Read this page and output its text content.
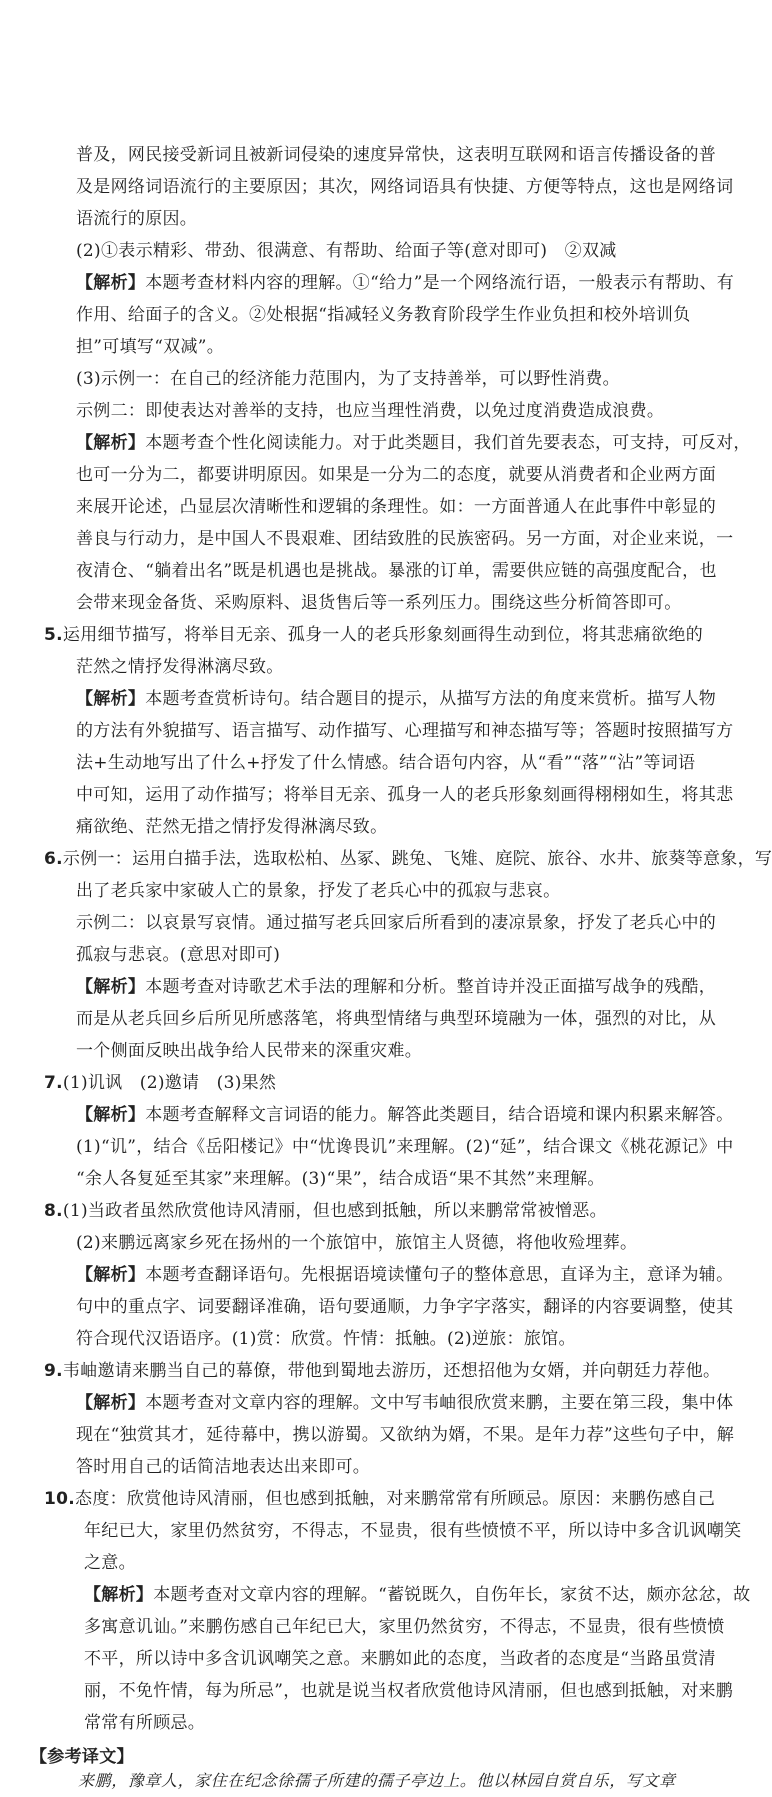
普及，网民接受新词且被新词侵染的速度异常快，这表明互联网和语言传播设备的普
及是网络词语流行的主要原因；其次，网络词语具有快捷、方便等特点，这也是网络词
语流行的原因。
(2)①表示精彩、带劲、很满意、有帮助、给面子等(意对即可)　②双减
【解析】本题考查材料内容的理解。①“给力”是一个网络流行语，一般表示有帮助、有
作用、给面子的含义。②处根据“指减轻义务教育阶段学生作业负担和校外培训负
担”可填写“双减”。
(3)示例一：在自己的经济能力范围内，为了支持善举，可以野性消费。
示例二：即使表达对善举的支持，也应当理性消费，以免过度消费造成浪费。
【解析】本题考查个性化阅读能力。对于此类题目，我们首先要表态，可支持，可反对，
也可一分为二，都要讲明原因。如果是一分为二的态度，就要从消费者和企业两方面
来展开论述，凸显层次清晰性和逻辑的条理性。如：一方面普通人在此事件中彰显的
善良与行动力，是中国人不畏艰难、团结致胜的民族密码。另一方面，对企业来说，一
夜清仓、“躺着出名”既是机遇也是挑战。暴涨的订单，需要供应链的高强度配合，也
会带来现金备货、采购原料、退货售后等一系列压力。围绕这些分析简答即可。
5.运用细节描写，将举目无亲、孤身一人的老兵形象刻画得生动到位，将其悲痛欲绝的
茫然之情抒发得淋漓尽致。
【解析】本题考查赏析诗句。结合题目的提示，从描写方法的角度来赏析。描写人物
的方法有外貌描写、语言描写、动作描写、心理描写和神态描写等；答题时按照描写方
法+生动地写出了什么+抒发了什么情感。结合语句内容，从“看”“落”“沾”等词语
中可知，运用了动作描写；将举目无亲、孤身一人的老兵形象刻画得栩栩如生，将其悲
痛欲绝、茫然无措之情抒发得淋漓尽致。
6.示例一：运用白描手法，选取松柏、丛冢、跳兔、飞雉、庭院、旅谷、水井、旅葵等意象，写
出了老兵家中家破人亡的景象，抒发了老兵心中的孤寂与悲哀。
示例二：以哀景写哀情。通过描写老兵回家后所看到的凄凉景象，抒发了老兵心中的
孤寂与悲哀。(意思对即可)
【解析】本题考查对诗歌艺术手法的理解和分析。整首诗并没正面描写战争的残酷，
而是从老兵回乡后所见所感落笔，将典型情绪与典型环境融为一体，强烈的对比，从
一个侧面反映出战争给人民带来的深重灾难。
7.(1)讥讽　(2)邀请　(3)果然
【解析】本题考查解释文言词语的能力。解答此类题目，结合语境和课内积累来解答。
(1)“讥”，结合《岳阳楼记》中“忧谗畏讥”来理解。(2)“延”，结合课文《桃花源记》中
“余人各复延至其家”来理解。(3)“果”，结合成语“果不其然”来理解。
8.(1)当政者虽然欣赏他诗风清丽，但也感到抵触，所以来鹏常常被憎恶。
(2)来鹏远离家乡死在扬州的一个旅馆中，旅馆主人贤德，将他收殓埋葬。
【解析】本题考查翻译语句。先根据语境读懂句子的整体意思，直译为主，意译为辅。
句中的重点字、词要翻译准确，语句要通顺，力争字字落实，翻译的内容要调整，使其
符合现代汉语语序。(1)赏：欣赏。忤情：抵触。(2)逆旅：旅馆。
9.韦岫邀请来鹏当自己的幕僚，带他到蜀地去游历，还想招他为女婿，并向朝廷力荐他。
【解析】本题考查对文章内容的理解。文中写韦岫很欣赏来鹏，主要在第三段，集中体
现在“独赏其才，延待幕中，携以游蜀。又欲纳为婿，不果。是年力荐”这些句子中，解
答时用自己的话简洁地表达出来即可。
10.态度：欣赏他诗风清丽，但也感到抵触，对来鹏常常有所顾忌。原因：来鹏伤感自己
年纪已大，家里仍然贫穷，不得志，不显贵，很有些愤愤不平，所以诗中多含讥讽嘲笑
之意。
【解析】本题考查对文章内容的理解。“蓄锐既久，自伤年长，家贫不达，颇亦忿忿，故
多寓意讥讪。”来鹏伤感自己年纪已大，家里仍然贫穷，不得志，不显贵，很有些愤愤
不平，所以诗中多含讥讽嘲笑之意。来鹏如此的态度，当政者的态度是“当路虽赏清
丽，不免忤情，每为所忌”，也就是说当权者欣赏他诗风清丽，但也感到抵触，对来鹏
常常有所顾忌。
【参考译文】
来鹏，豫章人，家住在纪念徐孺子所建的孺子亭边上。他以林园自赏自乐，写文章
